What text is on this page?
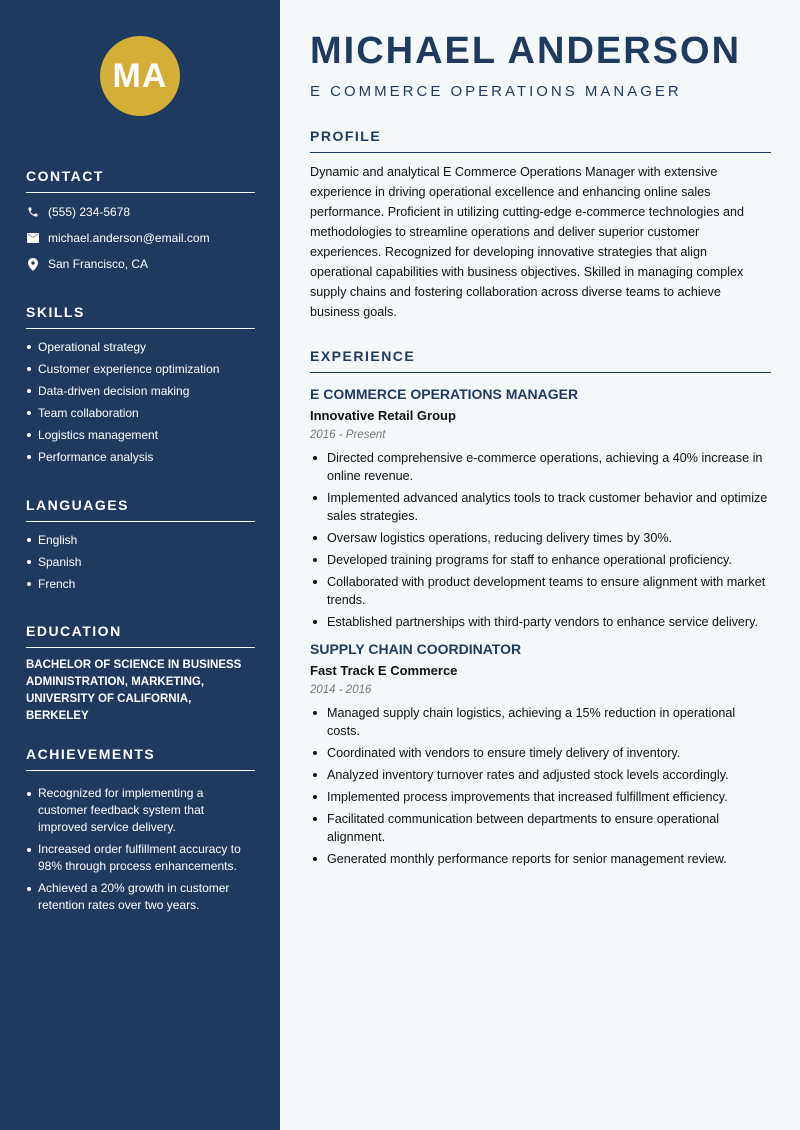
MA
CONTACT
(555) 234-5678
michael.anderson@email.com
San Francisco, CA
SKILLS
Operational strategy
Customer experience optimization
Data-driven decision making
Team collaboration
Logistics management
Performance analysis
LANGUAGES
English
Spanish
French
EDUCATION
BACHELOR OF SCIENCE IN BUSINESS ADMINISTRATION, MARKETING, UNIVERSITY OF CALIFORNIA, BERKELEY
ACHIEVEMENTS
Recognized for implementing a customer feedback system that improved service delivery.
Increased order fulfillment accuracy to 98% through process enhancements.
Achieved a 20% growth in customer retention rates over two years.
MICHAEL ANDERSON
E COMMERCE OPERATIONS MANAGER
PROFILE
Dynamic and analytical E Commerce Operations Manager with extensive experience in driving operational excellence and enhancing online sales performance. Proficient in utilizing cutting-edge e-commerce technologies and methodologies to streamline operations and deliver superior customer experiences. Recognized for developing innovative strategies that align operational capabilities with business objectives. Skilled in managing complex supply chains and fostering collaboration across diverse teams to achieve business goals.
EXPERIENCE
E COMMERCE OPERATIONS MANAGER
Innovative Retail Group
2016 - Present
Directed comprehensive e-commerce operations, achieving a 40% increase in online revenue.
Implemented advanced analytics tools to track customer behavior and optimize sales strategies.
Oversaw logistics operations, reducing delivery times by 30%.
Developed training programs for staff to enhance operational proficiency.
Collaborated with product development teams to ensure alignment with market trends.
Established partnerships with third-party vendors to enhance service delivery.
SUPPLY CHAIN COORDINATOR
Fast Track E Commerce
2014 - 2016
Managed supply chain logistics, achieving a 15% reduction in operational costs.
Coordinated with vendors to ensure timely delivery of inventory.
Analyzed inventory turnover rates and adjusted stock levels accordingly.
Implemented process improvements that increased fulfillment efficiency.
Facilitated communication between departments to ensure operational alignment.
Generated monthly performance reports for senior management review.
